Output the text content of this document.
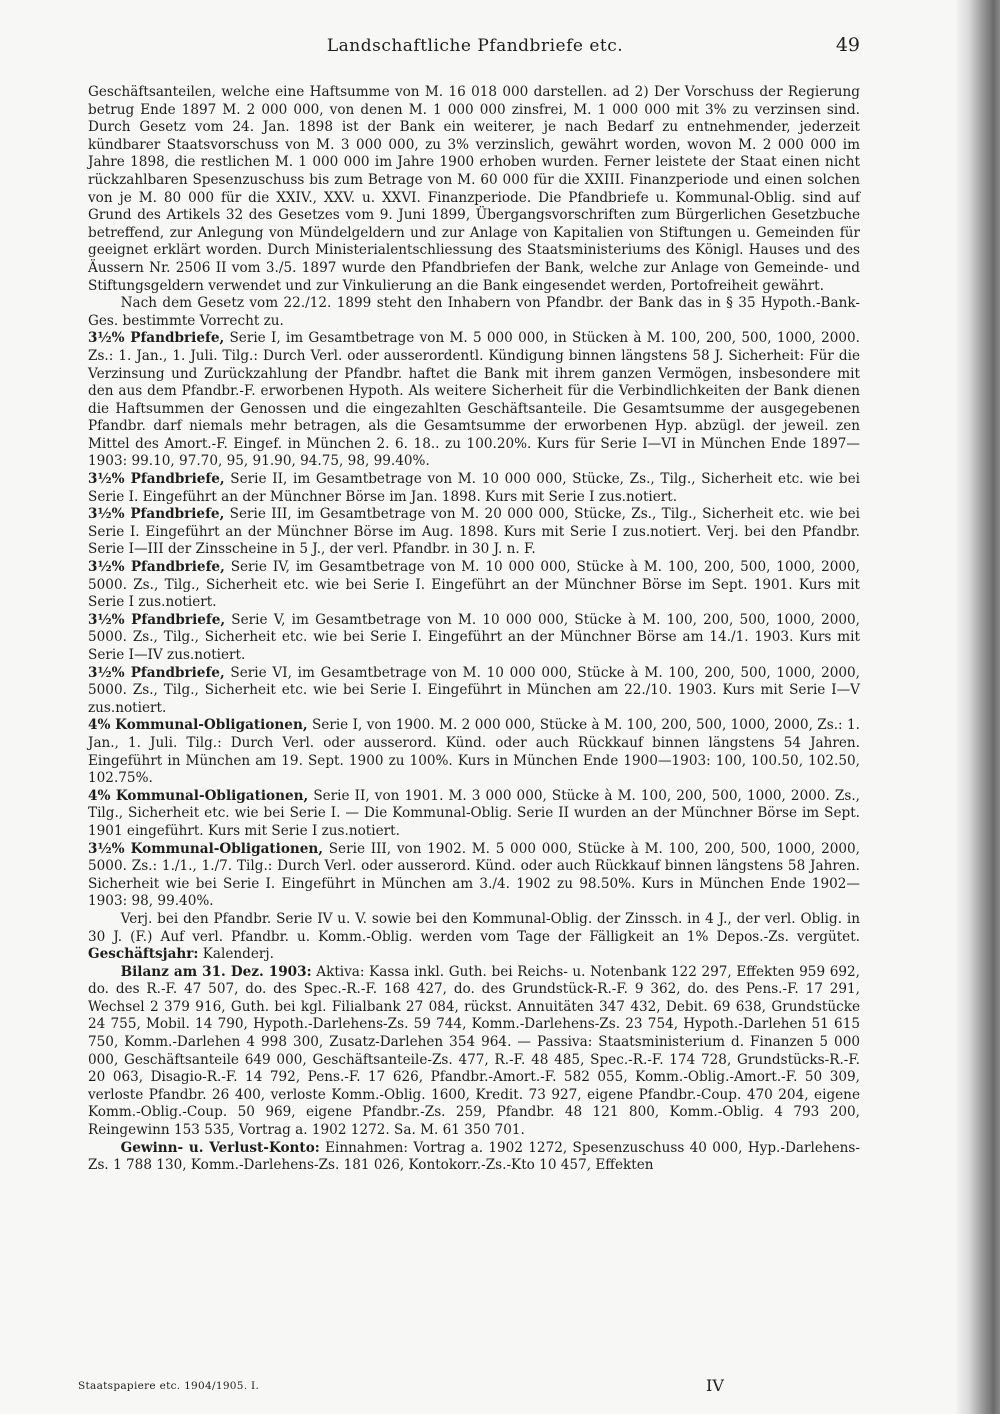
Landschaftliche Pfandbriefe etc.	49

Geschäftsanteilen, welche eine Haftsumme von M. 16 018 000 darstellen. ad 2) Der Vorschuss der Regierung betrug Ende 1897 M. 2 000 000, von denen M. 1 000 000 zinsfrei, M. 1 000 000 mit 3% zu verzinsen sind. Durch Gesetz vom 24. Jan. 1898 ist der Bank ein weiterer, je nach Bedarf zu entnehmender, jederzeit kündbarer Staatsvorschuss von M. 3 000 000, zu 3% verzinslich, gewährt worden, wovon M. 2 000 000 im Jahre 1898, die restlichen M. 1 000 000 im Jahre 1900 erhoben wurden. Ferner leistete der Staat einen nicht rückzahlbaren Spesenzuschuss bis zum Betrage von M. 60 000 für die XXIII. Finanzperiode und einen solchen von je M. 80 000 für die XXIV., XXV. u. XXVI. Finanzperiode. Die Pfandbriefe u. Kommunal-Oblig. sind auf Grund des Artikels 32 des Gesetzes vom 9. Juni 1899, Übergangsvorschriften zum Bürgerlichen Gesetzbuche betreffend, zur Anlegung von Mündelgeldern und zur Anlage von Kapitalien von Stiftungen u. Gemeinden für geeignet erklärt worden. Durch Ministerialentschliessung des Staatsministeriums des Königl. Hauses und des Äussern Nr. 2506 II vom 3./5. 1897 wurde den Pfandbriefen der Bank, welche zur Anlage von Gemeinde- und Stiftungsgeldern verwendet und zur Vinkulierung an die Bank eingesendet werden, Portofreiheit gewährt.

Nach dem Gesetz vom 22./12. 1899 steht den Inhabern von Pfandbr. der Bank das in § 35 Hypoth.-Bank-Ges. bestimmte Vorrecht zu.

3½% Pfandbriefe, Serie I, im Gesamtbetrage von M. 5 000 000, in Stücken à M. 100, 200, 500, 1000, 2000. Zs.: 1. Jan., 1. Juli. Tilg.: Durch Verl. oder ausserordentl. Kündigung binnen längstens 58 J. Sicherheit: Für die Verzinsung und Zurückzahlung der Pfandbr. haftet die Bank mit ihrem ganzen Vermögen, insbesondere mit den aus dem Pfandbr.-F. erworbenen Hypoth. Als weitere Sicherheit für die Verbindlichkeiten der Bank dienen die Haftsummen der Genossen und die eingezahlten Geschäftsanteile. Die Gesamtsumme der ausgegebenen Pfandbr. darf niemals mehr betragen, als die Gesamtsumme der erworbenen Hyp. abzügl. der jeweil. zen Mittel des Amort.-F. Eingef. in München 2. 6. 18.. zu 100.20%. Kurs für Serie I—VI in München Ende 1897—1903: 99.10, 97.70, 95, 91.90, 94.75, 98, 99.40%.

3½% Pfandbriefe, Serie II, im Gesamtbetrage von M. 10 000 000, Stücke, Zs., Tilg., Sicherheit etc. wie bei Serie I. Eingeführt an der Münchner Börse im Jan. 1898. Kurs mit Serie I zus.notiert.

3½% Pfandbriefe, Serie III, im Gesamtbetrage von M. 20 000 000, Stücke, Zs., Tilg., Sicherheit etc. wie bei Serie I. Eingeführt an der Münchner Börse im Aug. 1898. Kurs mit Serie I zus.notiert. Verj. bei den Pfandbr. Serie I—III der Zinsscheine in 5 J., der verl. Pfandbr. in 30 J. n. F.

3½% Pfandbriefe, Serie IV, im Gesamtbetrage von M. 10 000 000, Stücke à M. 100, 200, 500, 1000, 2000, 5000. Zs., Tilg., Sicherheit etc. wie bei Serie I. Eingeführt an der Münchner Börse im Sept. 1901. Kurs mit Serie I zus.notiert.

3½% Pfandbriefe, Serie V, im Gesamtbetrage von M. 10 000 000, Stücke à M. 100, 200, 500, 1000, 2000, 5000. Zs., Tilg., Sicherheit etc. wie bei Serie I. Eingeführt an der Münchner Börse am 14./1. 1903. Kurs mit Serie I—IV zus.notiert.

3½% Pfandbriefe, Serie VI, im Gesamtbetrage von M. 10 000 000, Stücke à M. 100, 200, 500, 1000, 2000, 5000. Zs., Tilg., Sicherheit etc. wie bei Serie I. Eingeführt in München am 22./10. 1903. Kurs mit Serie I—V zus.notiert.

4% Kommunal-Obligationen, Serie I, von 1900. M. 2 000 000, Stücke à M. 100, 200, 500, 1000, 2000, Zs.: 1. Jan., 1. Juli. Tilg.: Durch Verl. oder ausserord. Künd. oder auch Rückkauf binnen längstens 54 Jahren. Eingeführt in München am 19. Sept. 1900 zu 100%. Kurs in München Ende 1900—1903: 100, 100.50, 102.50, 102.75%.

4% Kommunal-Obligationen, Serie II, von 1901. M. 3 000 000, Stücke à M. 100, 200, 500, 1000, 2000. Zs., Tilg., Sicherheit etc. wie bei Serie I. — Die Kommunal-Oblig. Serie II wurden an der Münchner Börse im Sept. 1901 eingeführt. Kurs mit Serie I zus.notiert.

3½% Kommunal-Obligationen, Serie III, von 1902. M. 5 000 000, Stücke à M. 100, 200, 500, 1000, 2000, 5000. Zs.: 1./1., 1./7. Tilg.: Durch Verl. oder ausserord. Künd. oder auch Rückkauf binnen längstens 58 Jahren. Sicherheit wie bei Serie I. Eingeführt in München am 3./4. 1902 zu 98.50%. Kurs in München Ende 1902—1903: 98, 99.40%.

Verj. bei den Pfandbr. Serie IV u. V. sowie bei den Kommunal-Oblig. der Zinssch. in 4 J., der verl. Oblig. in 30 J. (F.) Auf verl. Pfandbr. u. Komm.-Oblig. werden vom Tage der Fälligkeit an 1% Depos.-Zs. vergütet. Geschäftsjahr: Kalenderj.

Bilanz am 31. Dez. 1903: Aktiva: Kassa inkl. Guth. bei Reichs- u. Notenbank 122 297, Effekten 959 692, do. des R.-F. 47 507, do. des Spec.-R.-F. 168 427, do. des Grundstück-R.-F. 9 362, do. des Pens.-F. 17 291, Wechsel 2 379 916, Guth. bei kgl. Filialbank 27 084, rückst. Annuitäten 347 432, Debit. 69 638, Grundstücke 24 755, Mobil. 14 790, Hypoth.-Darlehens-Zs. 59 744, Komm.-Darlehens-Zs. 23 754, Hypoth.-Darlehen 51 615 750, Komm.-Darlehen 4 998 300, Zusatz-Darlehen 354 964. — Passiva: Staatsministerium d. Finanzen 5 000 000, Geschäftsanteile 649 000, Geschäftsanteile-Zs. 477, R.-F. 48 485, Spec.-R.-F. 174 728, Grundstücks-R.-F. 20 063, Disagio-R.-F. 14 792, Pens.-F. 17 626, Pfandbr.-Amort.-F. 582 055, Komm.-Oblig.-Amort.-F. 50 309, verloste Pfandbr. 26 400, verloste Komm.-Oblig. 1600, Kredit. 73 927, eigene Pfandbr.-Coup. 470 204, eigene Komm.-Oblig.-Coup. 50 969, eigene Pfandbr.-Zs. 259, Pfandbr. 48 121 800, Komm.-Oblig. 4 793 200, Reingewinn 153 535, Vortrag a. 1902 1272. Sa. M. 61 350 701.

Gewinn- u. Verlust-Konto: Einnahmen: Vortrag a. 1902 1272, Spesenzuschuss 40 000, Hyp.-Darlehens-Zs. 1 788 130, Komm.-Darlehens-Zs. 181 026, Kontokorr.-Zs.-Kto 10 457, Effekten

Staatspapiere etc. 1904/1905. I.	IV
